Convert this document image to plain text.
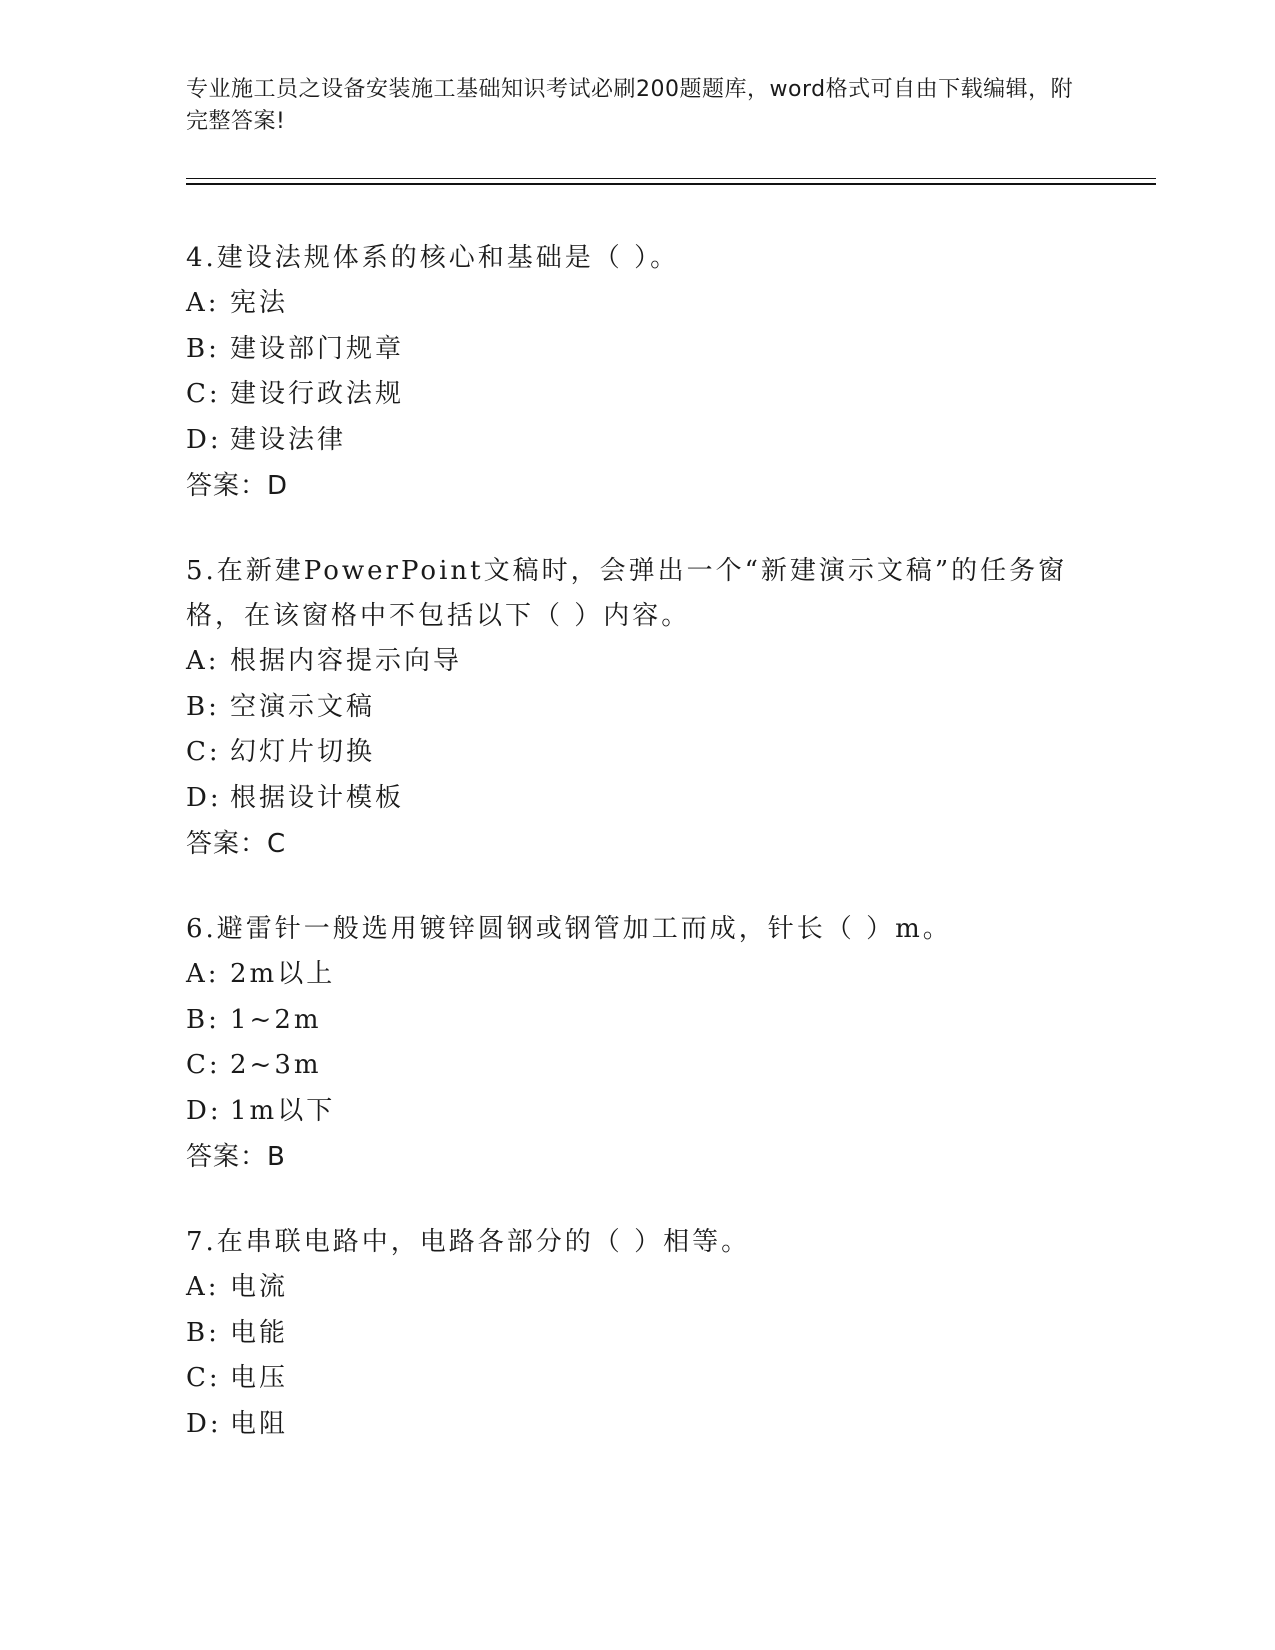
专业施工员之设备安装施工基础知识考试必刷200题题库，word格式可自由下载编辑，附完整答案!
4.建设法规体系的核心和基础是（ ）。
A: 宪法
B: 建设部门规章
C: 建设行政法规
D: 建设法律
答案：D
5.在新建PowerPoint文稿时，会弹出一个“新建演示文稿”的任务窗格，在该窗格中不包括以下（ ）内容。
A: 根据内容提示向导
B: 空演示文稿
C: 幻灯片切换
D: 根据设计模板
答案：C
6.避雷针一般选用镀锌圆钢或钢管加工而成，针长（ ）m。
A: 2m以上
B: 1~2m
C: 2~3m
D: 1m以下
答案：B
7.在串联电路中，电路各部分的（ ）相等。
A: 电流
B: 电能
C: 电压
D: 电阻
